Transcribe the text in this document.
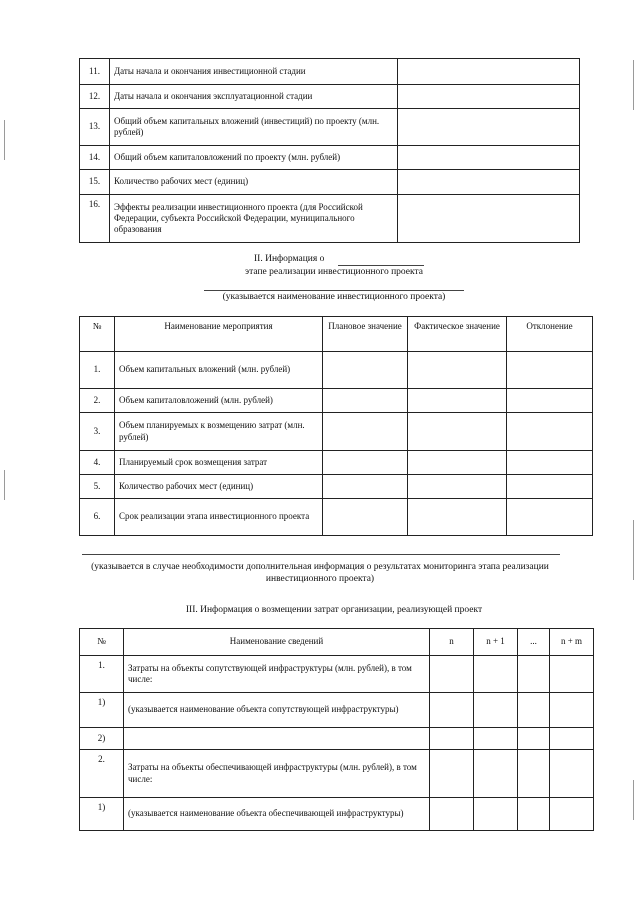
11.	Даты начала и окончания инвестиционной стадии	
12.	Даты начала и окончания эксплуатационной стадии	
13.	Общий объем капитальных вложений (инвестиций) по проекту (млн. рублей)	
14.	Общий объем капиталовложений по проекту (млн. рублей)	
15.	Количество рабочих мест (единиц)	
16.	Эффекты реализации инвестиционного проекта (для Российской Федерации, субъекта Российской Федерации, муниципального образования	
II. Информация о
этапе реализации инвестиционного проекта
(указывается наименование инвестиционного проекта)
№	Наименование мероприятия	Плановое значение	Фактическое значение	Отклонение
1.	Объем капитальных вложений (млн. рублей)			
2.	Объем капиталовложений (млн. рублей)			
3.	Объем планируемых к возмещению затрат (млн. рублей)			
4.	Планируемый срок возмещения затрат			
5.	Количество рабочих мест (единиц)			
6.	Срок реализации этапа инвестиционного проекта			
(указывается в случае необходимости дополнительная информация о результатах мониторинга этапа реализации инвестиционного проекта)
III. Информация о возмещении затрат организации, реализующей проект
№	Наименование сведений	n	n + 1	...	n + m
1.	Затраты на объекты сопутствующей инфраструктуры (млн. рублей), в том числе:				
1)	(указывается наименование объекта сопутствующей инфраструктуры)				
2)					
2.	Затраты на объекты обеспечивающей инфраструктуры (млн. рублей), в том числе:				
1)	(указывается наименование объекта обеспечивающей инфраструктуры)				
